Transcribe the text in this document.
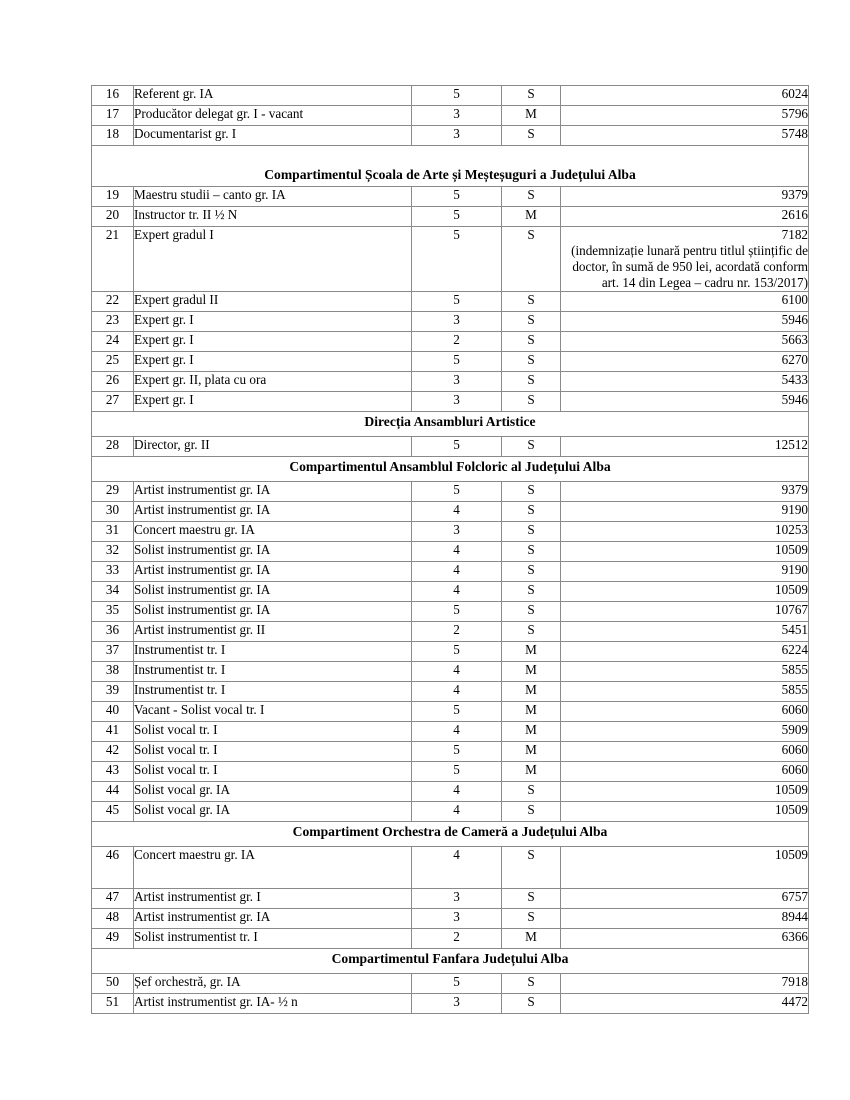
16	Referent gr. IA	5	S	6024
17	Producător delegat gr. I - vacant	3	M	5796
18	Documentarist gr. I	3	S	5748
Compartimentul Școala de Arte și Meșteșuguri a Județului Alba				
19	Maestru studii – canto gr. IA	5	S	9379
20	Instructor tr. II ½ N	5	M	2616
21	Expert gradul I	5	S	7182
(indemnizație lunară pentru titlul științific de doctor, în sumă de 950 lei, acordată conform art. 14 din Legea – cadru nr. 153/2017)

22	Expert gradul II	5	S	6100
23	Expert gr. I	3	S	5946
24	Expert gr. I	2	S	5663
25	Expert gr. I	5	S	6270
26	Expert gr. II, plata cu ora	3	S	5433
27	Expert gr. I	3	S	5946
Direcția Ansambluri Artistice				
28	Director, gr. II	5	S	12512
Compartimentul Ansamblul Folcloric al Județului Alba				
29	Artist instrumentist gr. IA	5	S	9379
30	Artist instrumentist gr. IA	4	S	9190
31	Concert maestru gr. IA	3	S	10253
32	Solist instrumentist gr. IA	4	S	10509
33	Artist instrumentist gr. IA	4	S	9190
34	Solist instrumentist gr. IA	4	S	10509
35	Solist instrumentist gr. IA	5	S	10767
36	Artist instrumentist gr. II	2	S	5451
37	Instrumentist tr. I	5	M	6224
38	Instrumentist tr. I	4	M	5855
39	Instrumentist tr. I	4	M	5855
40	Vacant - Solist vocal tr. I	5	M	6060
41	Solist vocal tr. I	4	M	5909
42	Solist vocal tr. I	5	M	6060
43	Solist vocal tr. I	5	M	6060
44	Solist vocal gr. IA	4	S	10509
45	Solist vocal gr. IA	4	S	10509
Compartiment Orchestra de Cameră a Județului Alba				
46	Concert maestru gr. IA	4	S	10509
47	Artist instrumentist gr. I	3	S	6757
48	Artist instrumentist gr. IA	3	S	8944
49	Solist instrumentist tr. I	2	M	6366
Compartimentul Fanfara Județului Alba				
50	Șef orchestră, gr. IA	5	S	7918
51	Artist instrumentist gr. IA- ½ n	3	S	4472
